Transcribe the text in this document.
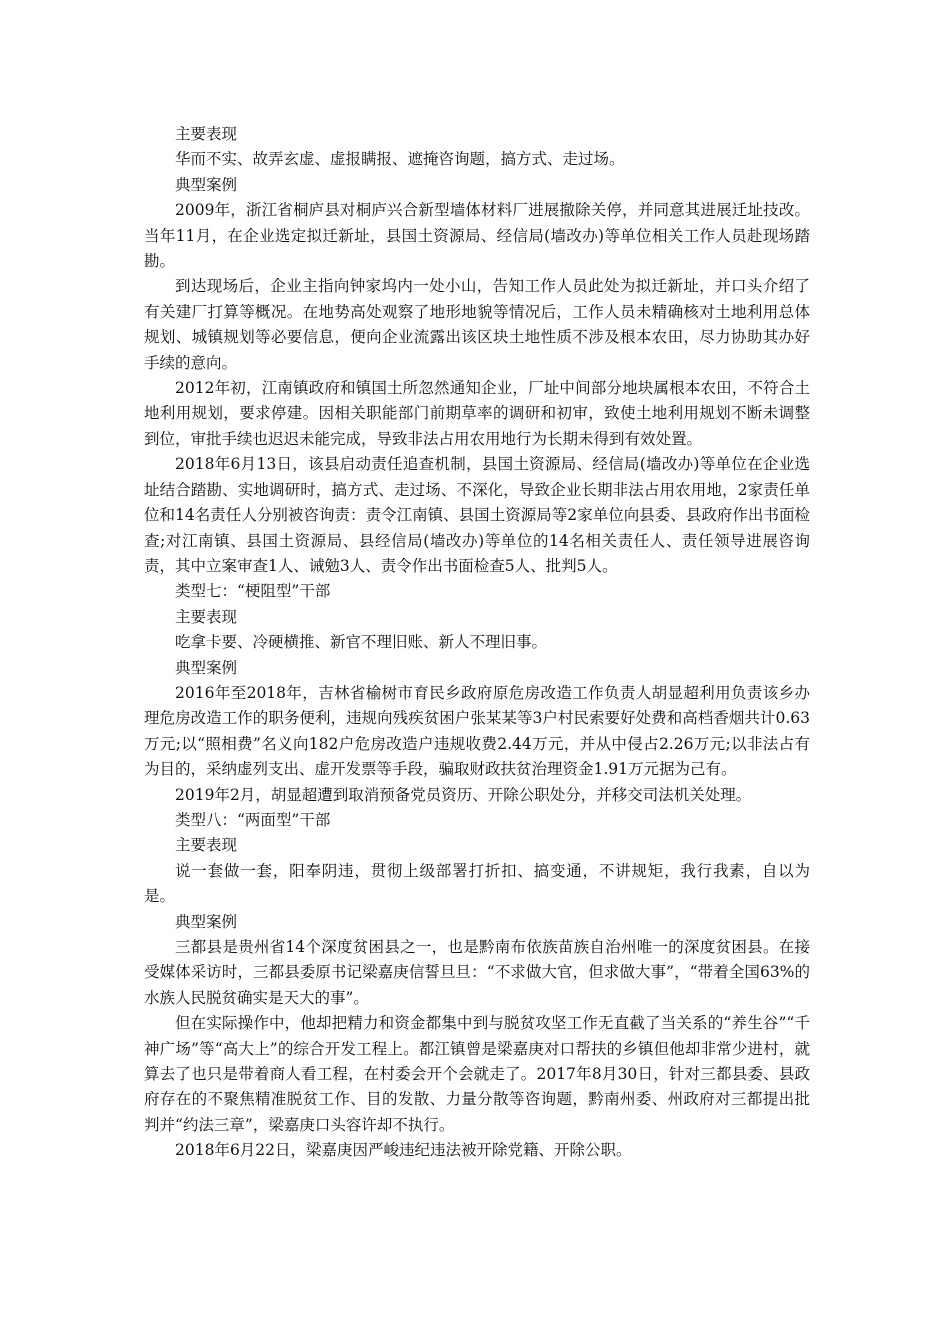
主要表现

华而不实、故弄玄虚、虚报瞒报、遮掩咨询题，搞方式、走过场。

典型案例

2009年，浙江省桐庐县对桐庐兴合新型墙体材料厂进展撤除关停，并同意其进展迁址技改。当年11月，在企业选定拟迁新址，县国土资源局、经信局(墙改办)等单位相关工作人员赴现场踏勘。

到达现场后，企业主指向钟家坞内一处小山，告知工作人员此处为拟迁新址，并口头介绍了有关建厂打算等概况。在地势高处观察了地形地貌等情况后，工作人员未精确核对土地利用总体规划、城镇规划等必要信息，便向企业流露出该区块土地性质不涉及根本农田，尽力协助其办好手续的意向。

2012年初，江南镇政府和镇国土所忽然通知企业，厂址中间部分地块属根本农田，不符合土地利用规划，要求停建。因相关职能部门前期草率的调研和初审，致使土地利用规划不断未调整到位，审批手续也迟迟未能完成，导致非法占用农用地行为长期未得到有效处置。

2018年6月13日，该县启动责任追查机制，县国土资源局、经信局(墙改办)等单位在企业选址结合踏勘、实地调研时，搞方式、走过场、不深化，导致企业长期非法占用农用地，2家责任单位和14名责任人分别被咨询责：责令江南镇、县国土资源局等2家单位向县委、县政府作出书面检查;对江南镇、县国土资源局、县经信局(墙改办)等单位的14名相关责任人、责任领导进展咨询责，其中立案审查1人、诫勉3人、责令作出书面检查5人、批判5人。

类型七：“梗阻型”干部

主要表现

吃拿卡要、冷硬横推、新官不理旧账、新人不理旧事。

典型案例

2016年至2018年，吉林省榆树市育民乡政府原危房改造工作负责人胡显超利用负责该乡办理危房改造工作的职务便利，违规向残疾贫困户张某某等3户村民索要好处费和高档香烟共计0.63万元;以“照相费”名义向182户危房改造户违规收费2.44万元，并从中侵占2.26万元;以非法占有为目的，采纳虚列支出、虚开发票等手段，骗取财政扶贫治理资金1.91万元据为己有。

2019年2月，胡显超遭到取消预备党员资历、开除公职处分，并移交司法机关处理。

类型八：“两面型”干部

主要表现

说一套做一套，阳奉阴违，贯彻上级部署打折扣、搞变通，不讲规矩，我行我素，自以为是。

典型案例

三都县是贵州省14个深度贫困县之一，也是黔南布依族苗族自治州唯一的深度贫困县。在接受媒体采访时，三都县委原书记梁嘉庚信誓旦旦：“不求做大官，但求做大事”，“带着全国63%的水族人民脱贫确实是天大的事”。

但在实际操作中，他却把精力和资金都集中到与脱贫攻坚工作无直截了当关系的“养生谷”“千神广场”等“高大上”的综合开发工程上。都江镇曾是梁嘉庚对口帮扶的乡镇但他却非常少进村，就算去了也只是带着商人看工程，在村委会开个会就走了。2017年8月30日，针对三都县委、县政府存在的不聚焦精准脱贫工作、目的发散、力量分散等咨询题，黔南州委、州政府对三都提出批判并“约法三章”，梁嘉庚口头容许却不执行。

2018年6月22日，梁嘉庚因严峻违纪违法被开除党籍、开除公职。
